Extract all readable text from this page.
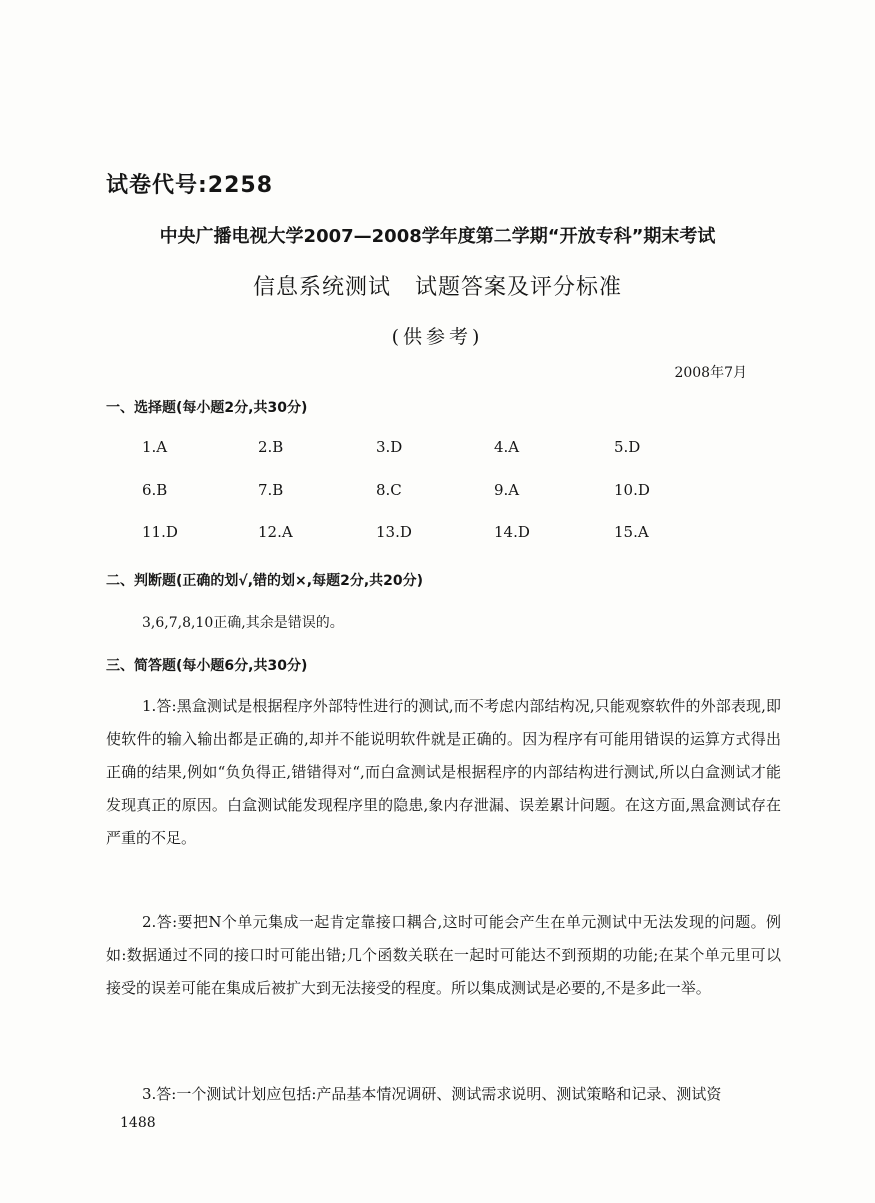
试卷代号:2258
中央广播电视大学2007—2008学年度第二学期“开放专科”期末考试
信息系统测试 试题答案及评分标准
(供参考)
2008年7月
一、选择题(每小题2分,共30分)
1.A	2.B	3.D	4.A	5.D
6.B	7.B	8.C	9.A	10.D
11.D	12.A	13.D	14.D	15.A
二、判断题(正确的划√,错的划×,每题2分,共20分)
3,6,7,8,10正确,其余是错误的。
三、简答题(每小题6分,共30分)
1.答:黑盒测试是根据程序外部特性进行的测试,而不考虑内部结构况,只能观察软件的外部表现,即使软件的输入输出都是正确的,却并不能说明软件就是正确的。因为程序有可能用错误的运算方式得出正确的结果,例如“负负得正,错错得对“,而白盒测试是根据程序的内部结构进行测试,所以白盒测试才能发现真正的原因。白盒测试能发现程序里的隐患,象内存泄漏、误差累计问题。在这方面,黑盒测试存在严重的不足。
2.答:要把N个单元集成一起肯定靠接口耦合,这时可能会产生在单元测试中无法发现的问题。例如:数据通过不同的接口时可能出错;几个函数关联在一起时可能达不到预期的功能;在某个单元里可以接受的误差可能在集成后被扩大到无法接受的程度。所以集成测试是必要的,不是多此一举。
3.答:一个测试计划应包括:产品基本情况调研、测试需求说明、测试策略和记录、测试资
1488
